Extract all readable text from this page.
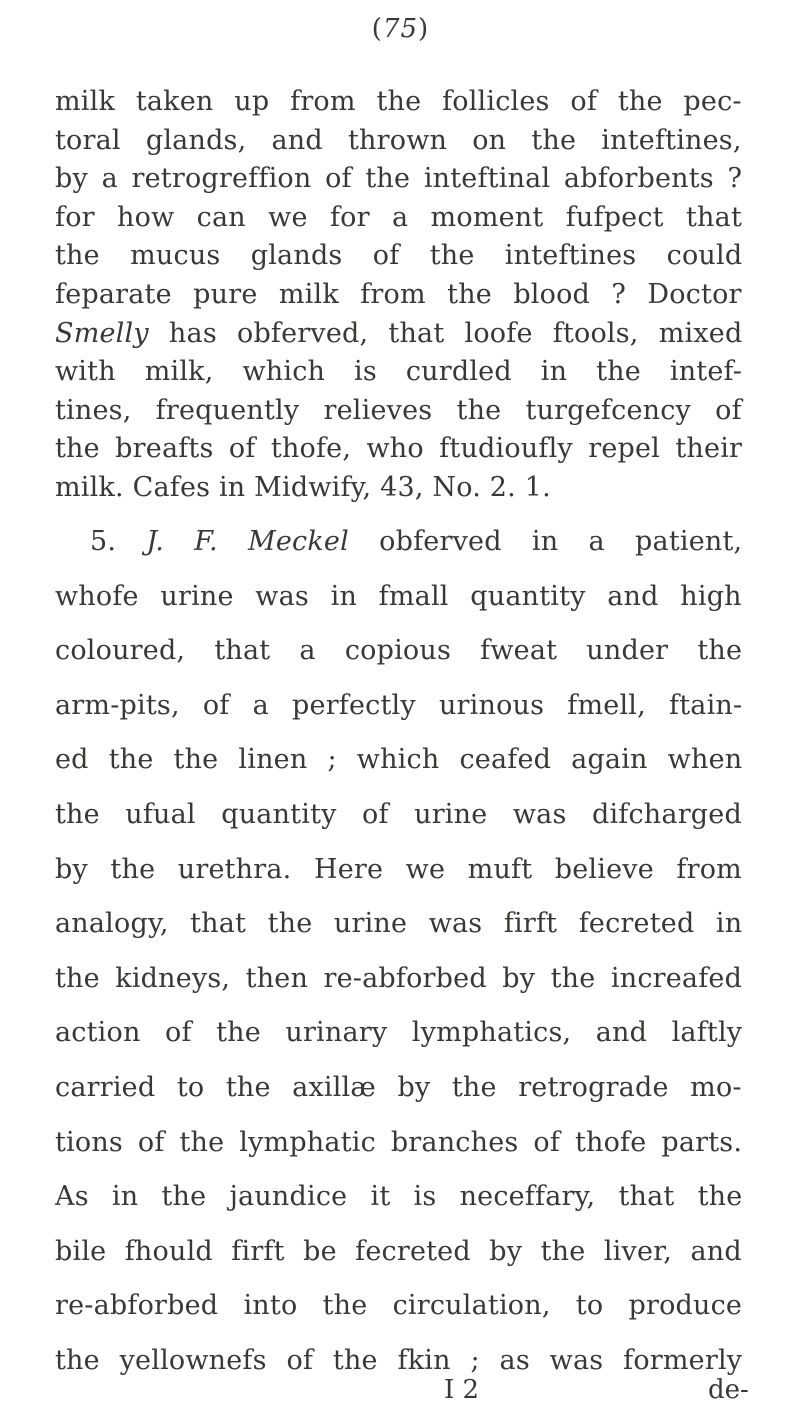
(75)
milk taken up from the follicles of the pec-
toral glands, and thrown on the inteftines,
by a retrogreffion of the inteftinal abforbents ?
for how can we for a moment fufpect that
the mucus glands of the inteftines could
feparate pure milk from the blood ? Doctor
Smelly has obferved, that loofe ftools, mixed
with milk, which is curdled in the intef-
tines, frequently relieves the turgefcency of
the breafts of thofe, who ftudioufly repel their
milk. Cafes in Midwify, 43, No. 2. 1.
5. J. F. Meckel obferved in a patient,
whofe urine was in fmall quantity and high
coloured, that a copious fweat under the
arm-pits, of a perfectly urinous fmell, ftain-
ed the the linen ; which ceafed again when
the ufual quantity of urine was difcharged
by the urethra. Here we muft believe from
analogy, that the urine was firft fecreted in
the kidneys, then re-abforbed by the increafed
action of the urinary lymphatics, and laftly
carried to the axillæ by the retrograde mo-
tions of the lymphatic branches of thofe parts.
As in the jaundice it is neceffary, that the
bile fhould firft be fecreted by the liver, and
re-abforbed into the circulation, to produce
the yellownefs of the fkin ; as was formerly
I 2	de-
